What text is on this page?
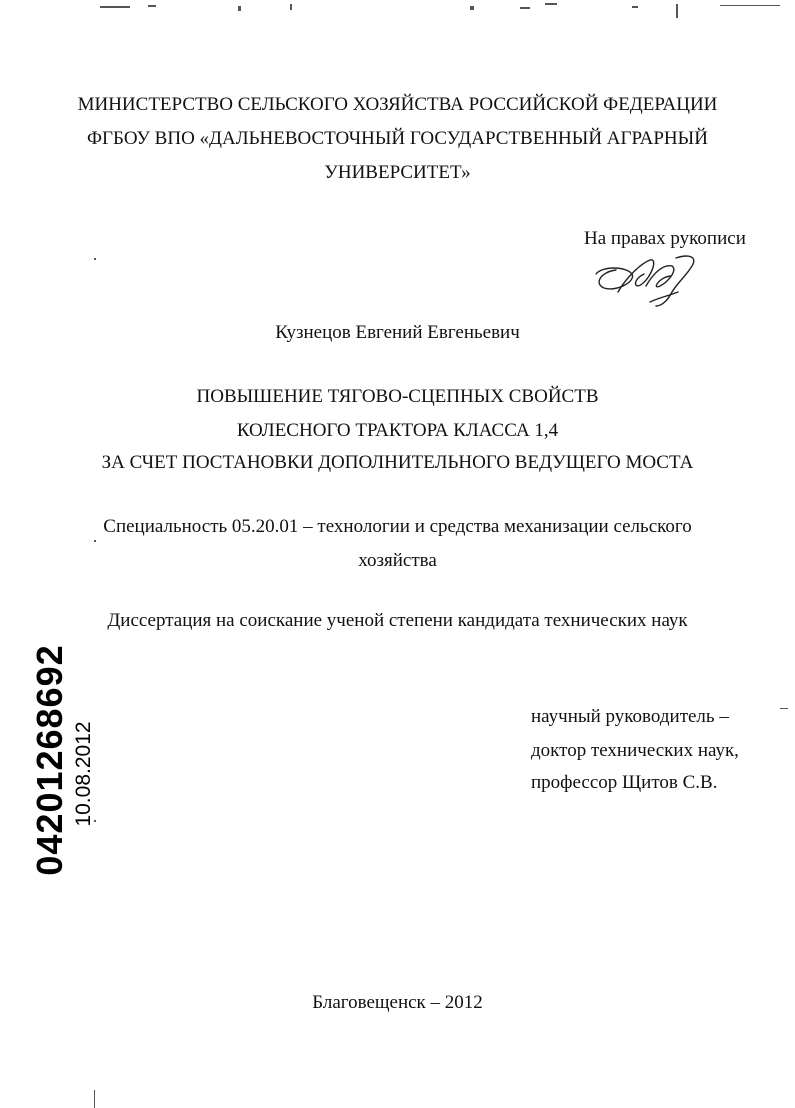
МИНИСТЕРСТВО СЕЛЬСКОГО ХОЗЯЙСТВА РОССИЙСКОЙ ФЕДЕРАЦИИ
ФГБОУ ВПО «ДАЛЬНЕВОСТОЧНЫЙ ГОСУДАРСТВЕННЫЙ АГРАРНЫЙ
УНИВЕРСИТЕТ»
На правах рукописи
Кузнецов Евгений Евгеньевич
ПОВЫШЕНИЕ ТЯГОВО-СЦЕПНЫХ СВОЙСТВ
КОЛЕСНОГО ТРАКТОРА КЛАССА 1,4
ЗА СЧЕТ ПОСТАНОВКИ ДОПОЛНИТЕЛЬНОГО ВЕДУЩЕГО МОСТА
Специальность 05.20.01 – технологии и средства механизации сельского
хозяйства
Диссертация на соискание ученой степени кандидата технических наук
научный руководитель –
доктор технических наук,
профессор Щитов С.В.
04201268692 10.08.2012
Благовещенск – 2012
